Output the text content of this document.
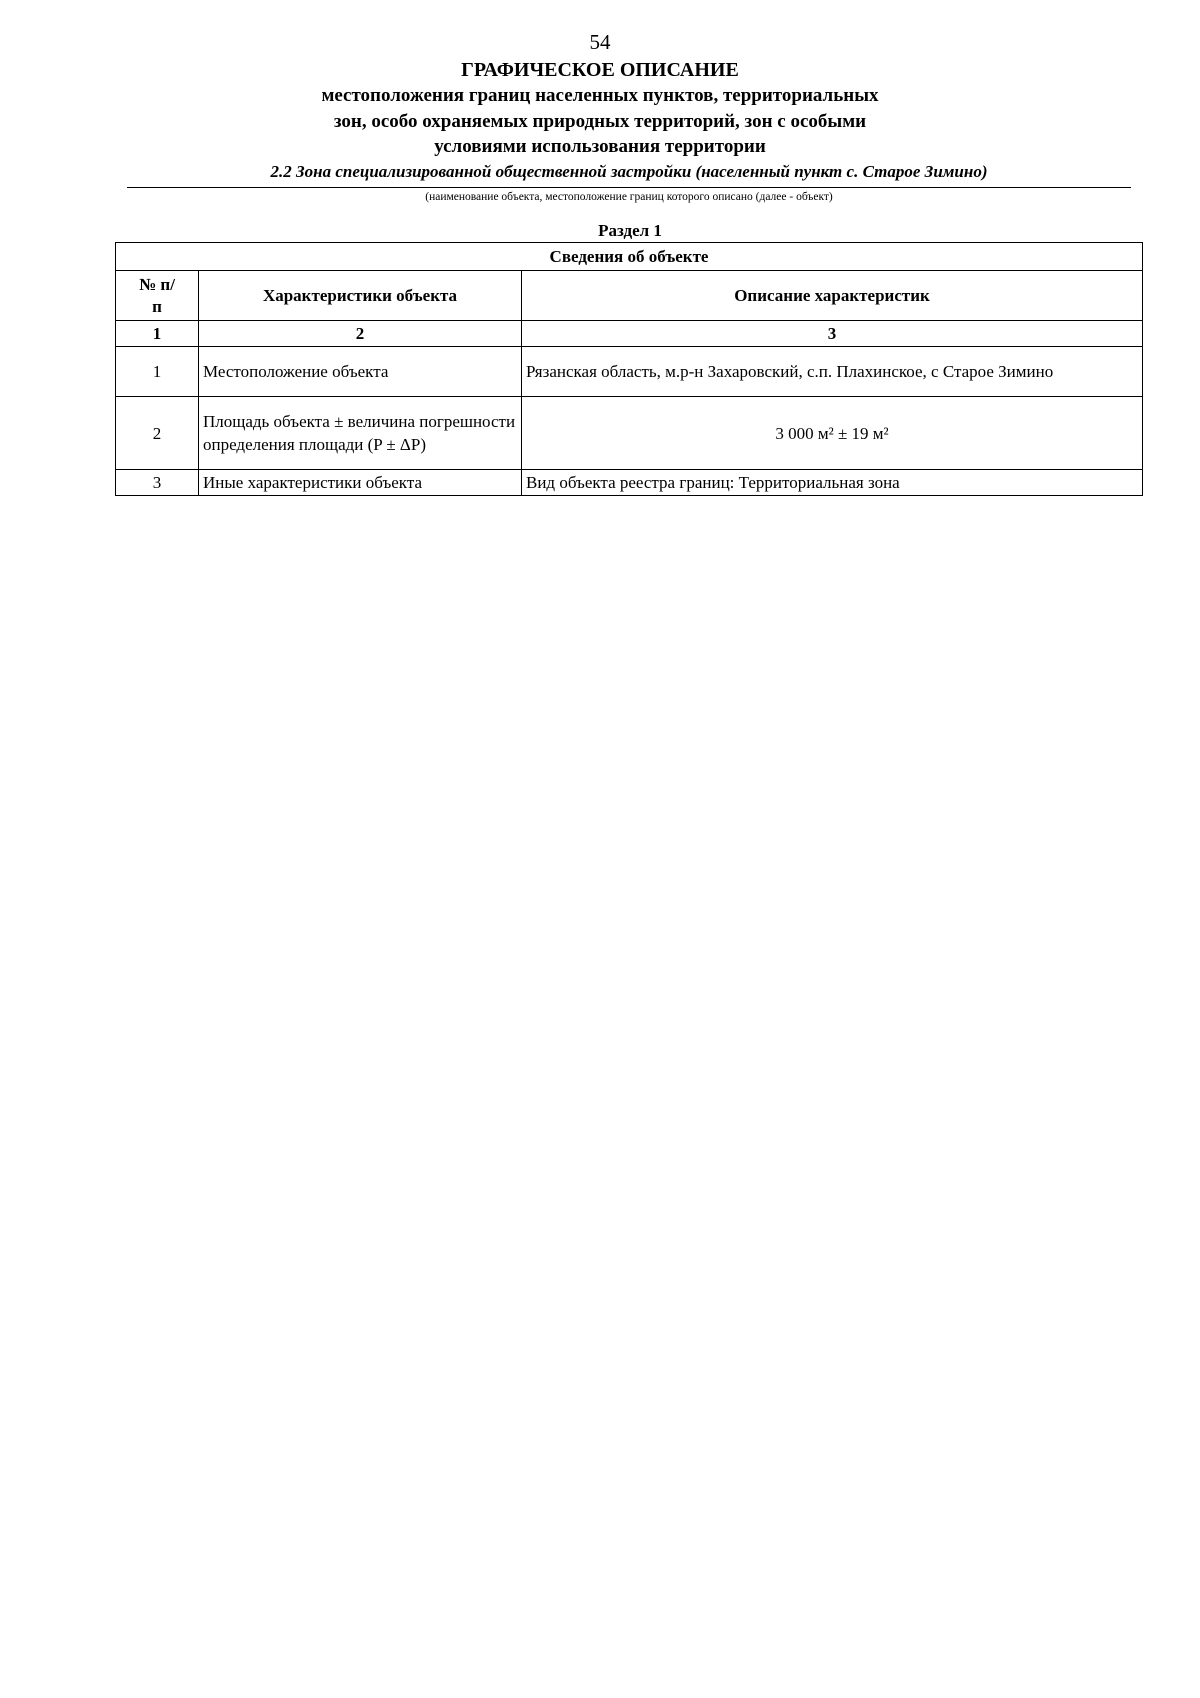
54
ГРАФИЧЕСКОЕ ОПИСАНИЕ
местоположения границ населенных пунктов, территориальных
зон, особо охраняемых природных территорий, зон с особыми
условиями использования территории
2.2 Зона специализированной общественной застройки (населенный пункт с. Старое Зимино)
(наименование объекта, местоположение границ которого описано (далее - объект)
Раздел 1
Сведения об объекте		
№ п/п	Характеристики объекта	Описание характеристик
1	2	3
1	Местоположение объекта	Рязанская область, м.р-н Захаровский, с.п. Плахинское, с Старое Зимино
2	Площадь объекта ± величина погрешности определения площади (P ± ΔP)	3 000 м² ± 19 м²
3	Иные характеристики объекта	Вид объекта реестра границ: Территориальная зона
